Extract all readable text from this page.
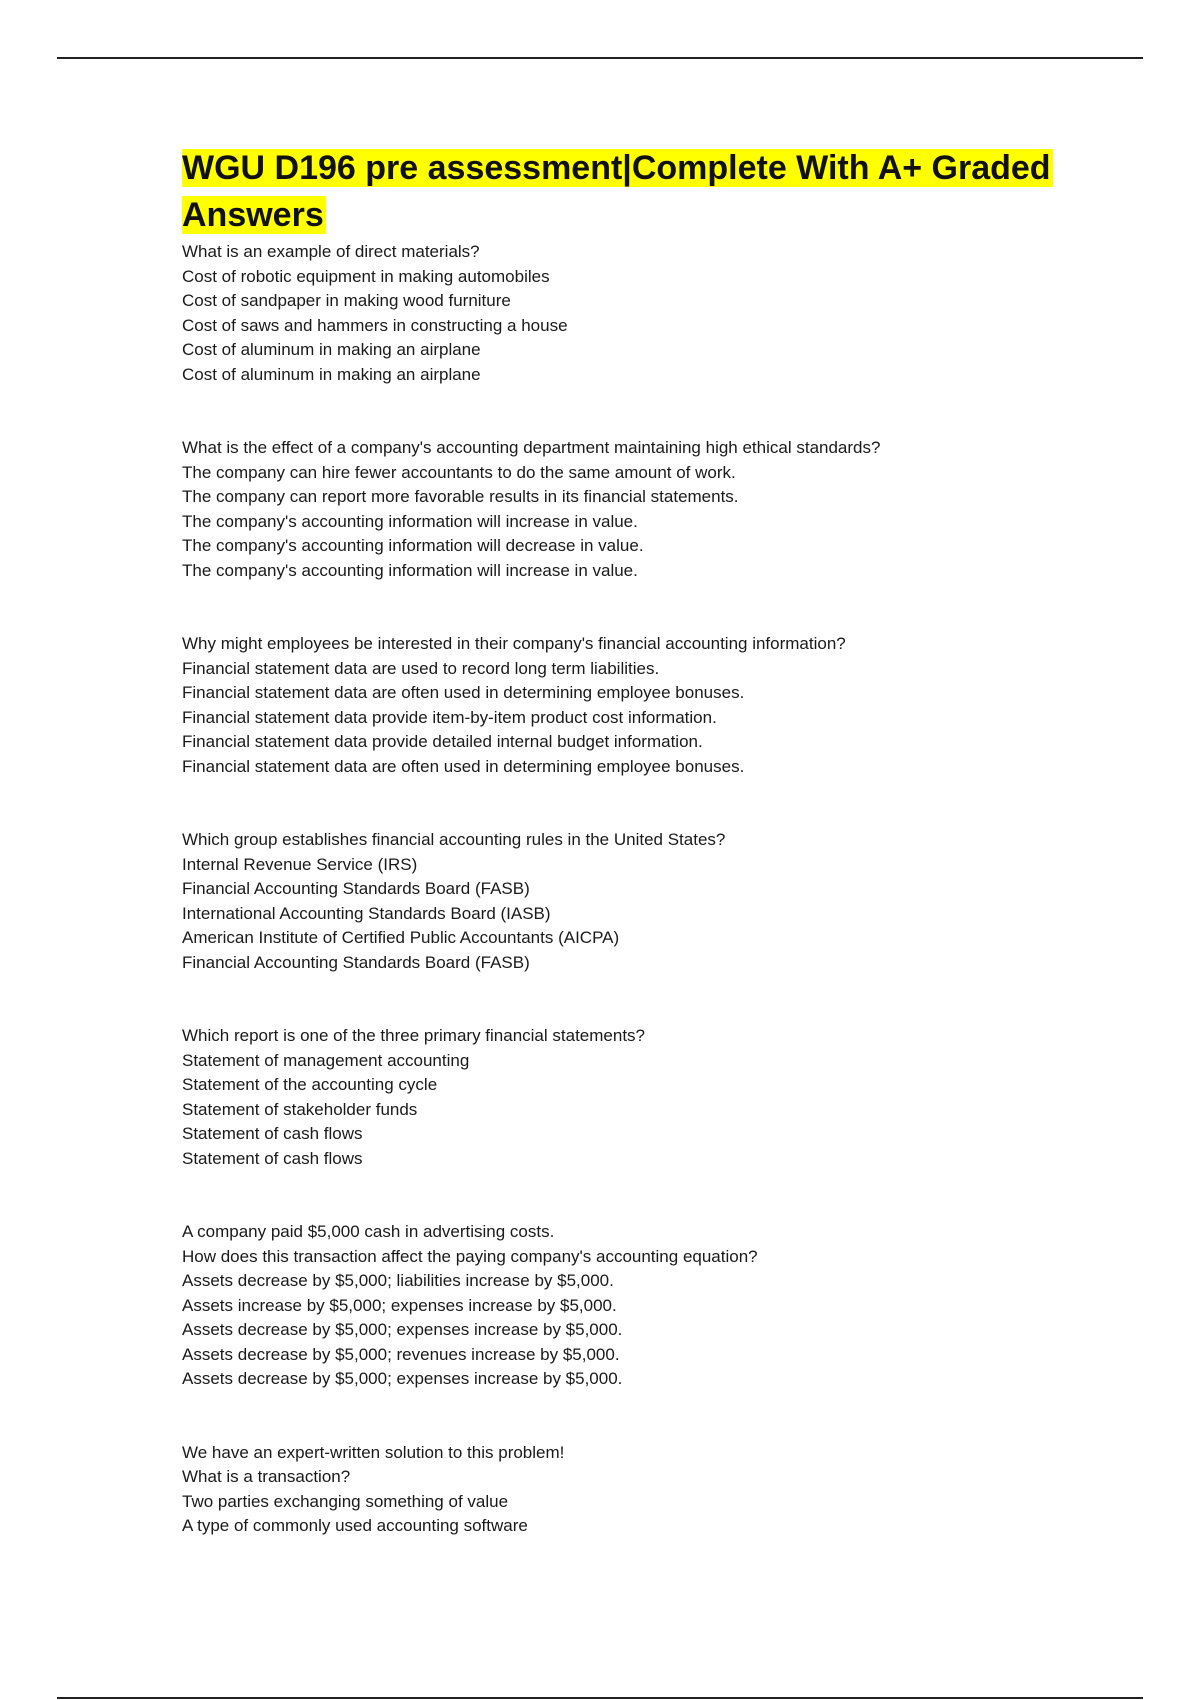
WGU D196 pre assessment|Complete With A+ Graded Answers
What is an example of direct materials?
Cost of robotic equipment in making automobiles
Cost of sandpaper in making wood furniture
Cost of saws and hammers in constructing a house
Cost of aluminum in making an airplane
Cost of aluminum in making an airplane
What is the effect of a company's accounting department maintaining high ethical standards?
The company can hire fewer accountants to do the same amount of work.
The company can report more favorable results in its financial statements.
The company's accounting information will increase in value.
The company's accounting information will decrease in value.
The company's accounting information will increase in value.
Why might employees be interested in their company's financial accounting information?
Financial statement data are used to record long term liabilities.
Financial statement data are often used in determining employee bonuses.
Financial statement data provide item-by-item product cost information.
Financial statement data provide detailed internal budget information.
Financial statement data are often used in determining employee bonuses.
Which group establishes financial accounting rules in the United States?
Internal Revenue Service (IRS)
Financial Accounting Standards Board (FASB)
International Accounting Standards Board (IASB)
American Institute of Certified Public Accountants (AICPA)
Financial Accounting Standards Board (FASB)
Which report is one of the three primary financial statements?
Statement of management accounting
Statement of the accounting cycle
Statement of stakeholder funds
Statement of cash flows
Statement of cash flows
A company paid $5,000 cash in advertising costs.
How does this transaction affect the paying company's accounting equation?
Assets decrease by $5,000; liabilities increase by $5,000.
Assets increase by $5,000; expenses increase by $5,000.
Assets decrease by $5,000; expenses increase by $5,000.
Assets decrease by $5,000; revenues increase by $5,000.
Assets decrease by $5,000; expenses increase by $5,000.
We have an expert-written solution to this problem!
What is a transaction?
Two parties exchanging something of value
A type of commonly used accounting software
